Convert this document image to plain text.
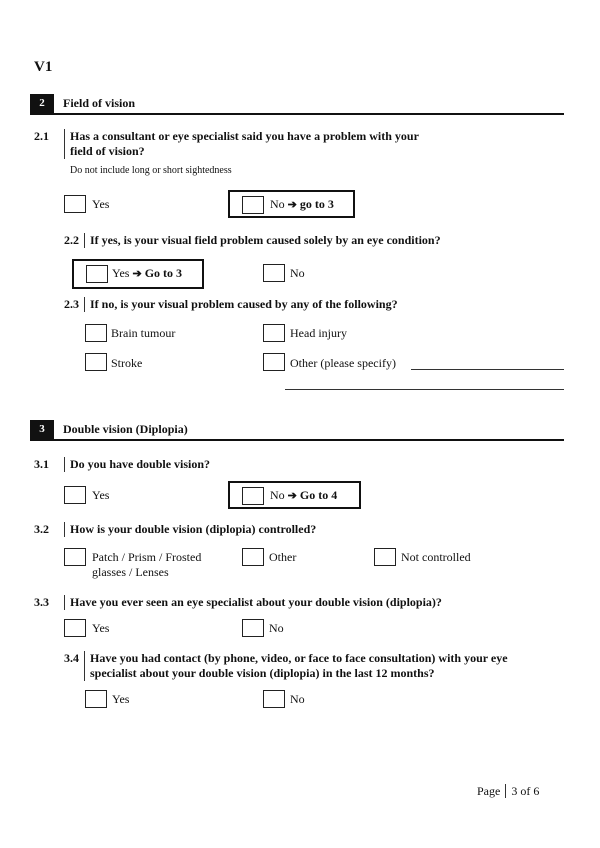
V1
2	Field of vision
2.1	Has a consultant or eye specialist said you have a problem with your field of vision?
Do not include long or short sightedness
Yes	No ➔ go to 3
2.2 If yes, is your visual field problem caused solely by an eye condition?
Yes ➔ Go to 3	No
2.3 If no, is your visual problem caused by any of the following?
Brain tumour	Head injury
Stroke	Other (please specify)
3	Double vision (Diplopia)
3.1	Do you have double vision?
Yes	No ➔ Go to 4
3.2	How is your double vision (diplopia) controlled?
Patch / Prism / Frosted glasses / Lenses
Other	Not controlled
3.3	Have you ever seen an eye specialist about your double vision (diplopia)?
Yes	No
3.4 Have you had contact (by phone, video, or face to face consultation) with your eye specialist about your double vision (diplopia) in the last 12 months?
Yes	No
Page 3 of 6
